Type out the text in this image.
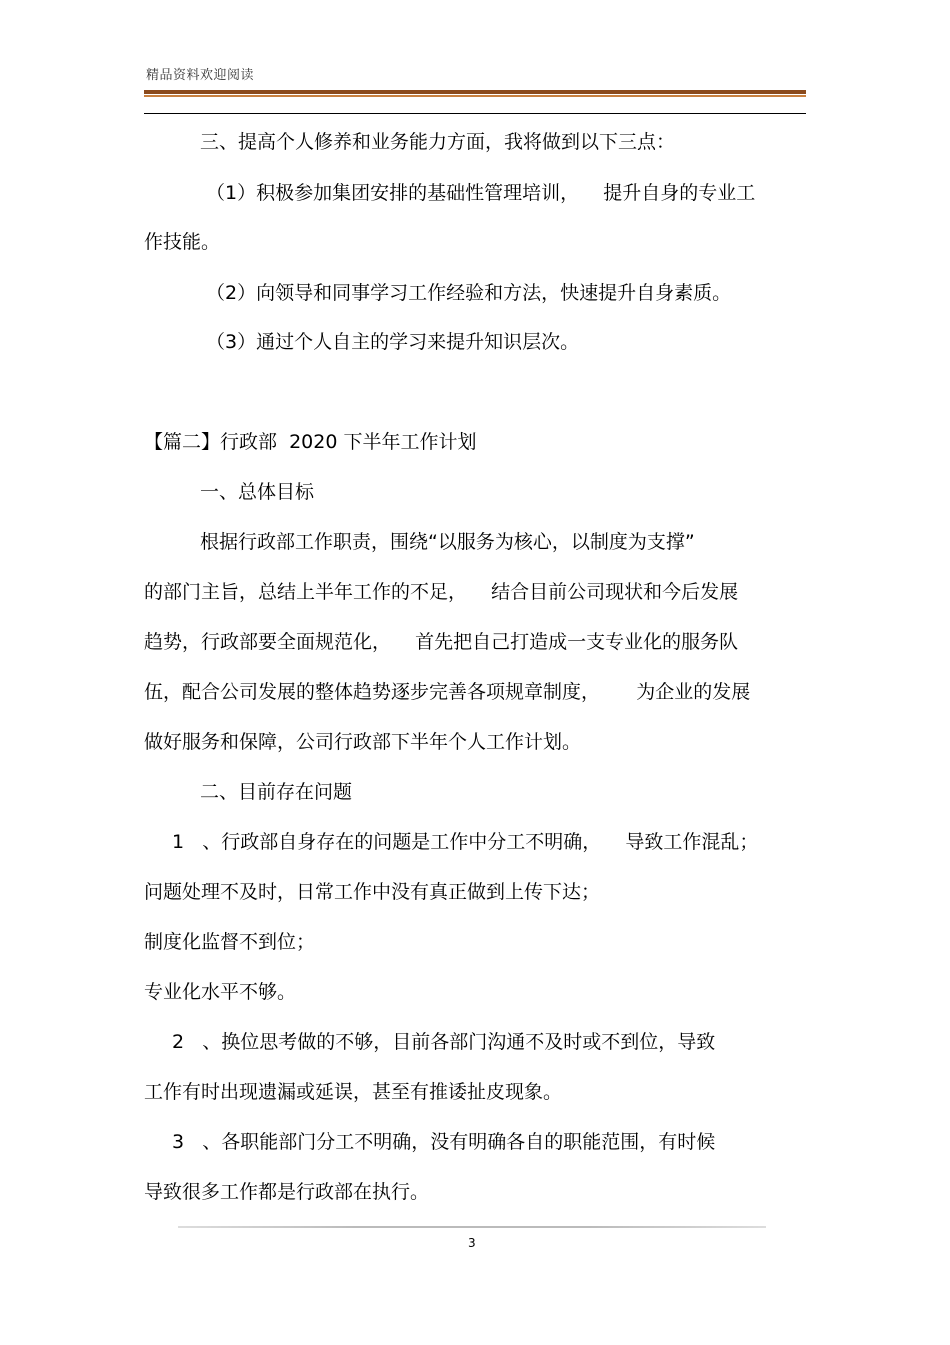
精品资料欢迎阅读
三、提高个人修养和业务能力方面，我将做到以下三点：
（1）积极参加集团安排的基础性管理培训，    提升自身的专业工
作技能。
（2）向领导和同事学习工作经验和方法，快速提升自身素质。
（3）通过个人自主的学习来提升知识层次。
【篇二】行政部  2020 下半年工作计划
一、总体目标
根据行政部工作职责，围绕“以服务为核心，以制度为支撑”
的部门主旨，总结上半年工作的不足，    结合目前公司现状和今后发展
趋势，行政部要全面规范化，    首先把自己打造成一支专业化的服务队
伍，配合公司发展的整体趋势逐步完善各项规章制度，      为企业的发展
做好服务和保障，公司行政部下半年个人工作计划。
二、目前存在问题
1   、行政部自身存在的问题是工作中分工不明确，    导致工作混乱；
问题处理不及时，日常工作中没有真正做到上传下达；
制度化监督不到位；
专业化水平不够。
2   、换位思考做的不够，目前各部门沟通不及时或不到位，导致
工作有时出现遗漏或延误，甚至有推诿扯皮现象。
3   、各职能部门分工不明确，没有明确各自的职能范围，有时候
导致很多工作都是行政部在执行。
3
